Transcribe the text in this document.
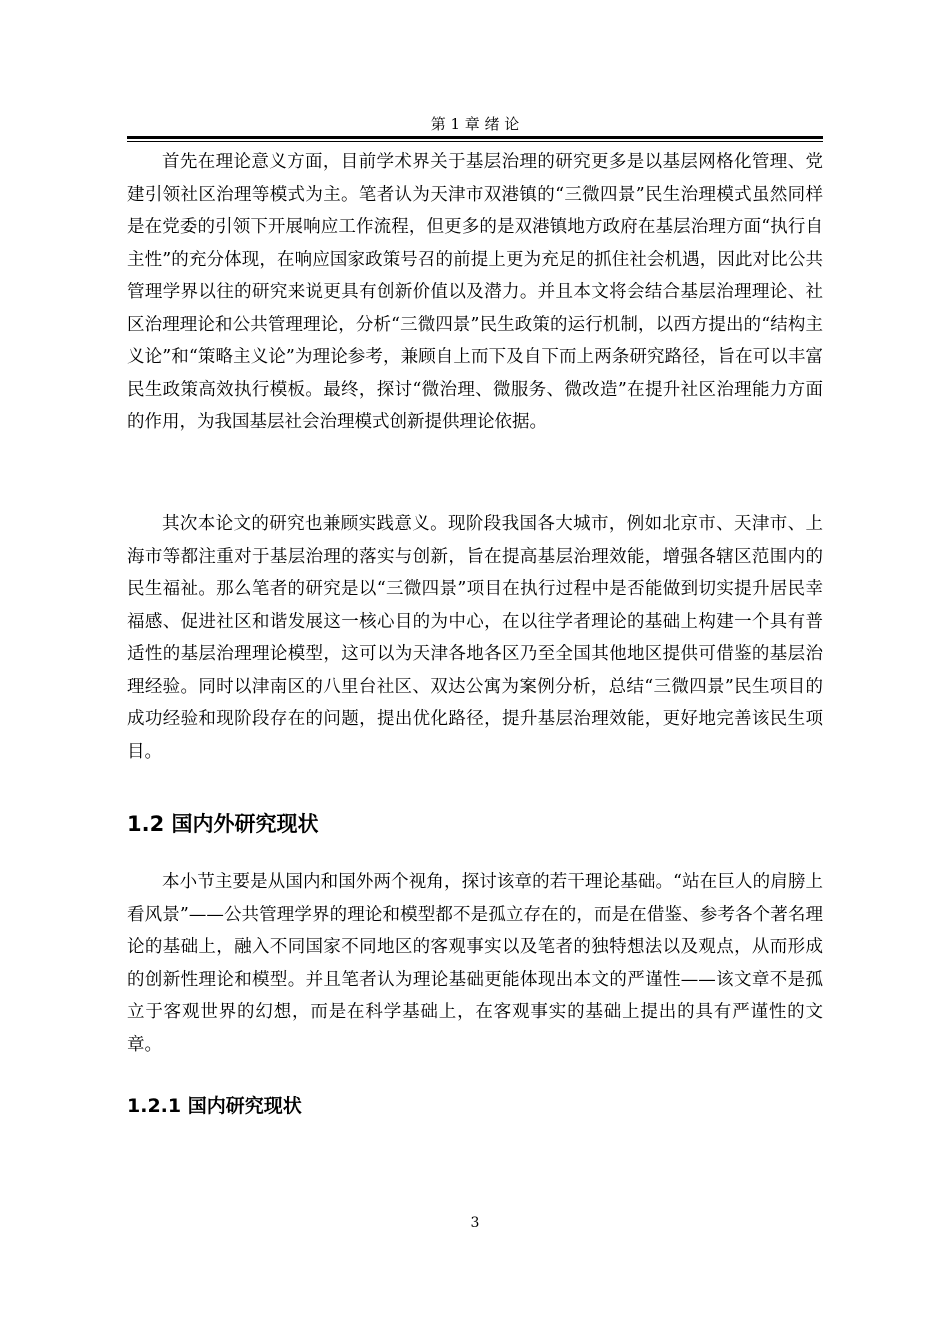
第 1 章 绪 论

首先在理论意义方面，目前学术界关于基层治理的研究更多是以基层网格化管理、党建引领社区治理等模式为主。笔者认为天津市双港镇的“三微四景”民生治理模式虽然同样是在党委的引领下开展响应工作流程，但更多的是双港镇地方政府在基层治理方面“执行自主性”的充分体现，在响应国家政策号召的前提上更为充足的抓住社会机遇，因此对比公共管理学界以往的研究来说更具有创新价值以及潜力。并且本文将会结合基层治理理论、社区治理理论和公共管理理论，分析“三微四景”民生政策的运行机制，以西方提出的“结构主义论”和“策略主义论”为理论参考，兼顾自上而下及自下而上两条研究路径，旨在可以丰富民生政策高效执行模板。最终，探讨“微治理、微服务、微改造”在提升社区治理能力方面的作用，为我国基层社会治理模式创新提供理论依据。

其次本论文的研究也兼顾实践意义。现阶段我国各大城市，例如北京市、天津市、上海市等都注重对于基层治理的落实与创新，旨在提高基层治理效能，增强各辖区范围内的民生福祉。那么笔者的研究是以“三微四景”项目在执行过程中是否能做到切实提升居民幸福感、促进社区和谐发展这一核心目的为中心，在以往学者理论的基础上构建一个具有普适性的基层治理理论模型，这可以为天津各地各区乃至全国其他地区提供可借鉴的基层治理经验。同时以津南区的八里台社区、双达公寓为案例分析，总结“三微四景”民生项目的成功经验和现阶段存在的问题，提出优化路径，提升基层治理效能，更好地完善该民生项目。

1.2 国内外研究现状

本小节主要是从国内和国外两个视角，探讨该章的若干理论基础。“站在巨人的肩膀上看风景”——公共管理学界的理论和模型都不是孤立存在的，而是在借鉴、参考各个著名理论的基础上，融入不同国家不同地区的客观事实以及笔者的独特想法以及观点，从而形成的创新性理论和模型。并且笔者认为理论基础更能体现出本文的严谨性——该文章不是孤立于客观世界的幻想，而是在科学基础上，在客观事实的基础上提出的具有严谨性的文章。

1.2.1 国内研究现状
3
